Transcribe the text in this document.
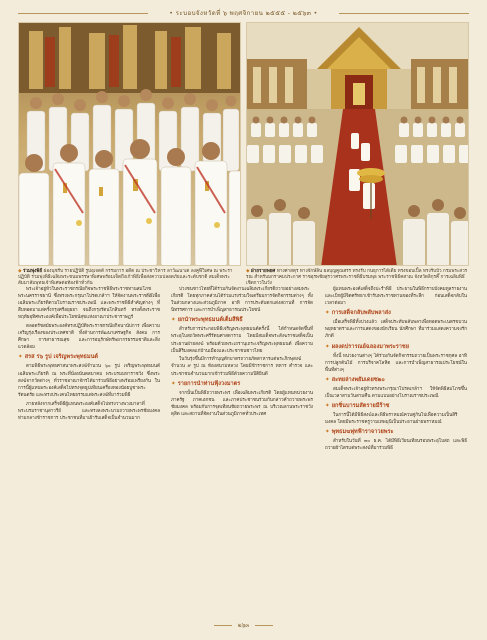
• ระบอบจังหวัดที่ ๖ พฤศจิกายน ๒๕๕๕ - ๒๕๖๓ •
◆ ร่วมพุ่งพิธี ผ่องนุชรับ รายปฏิบัติ รูปอุเจตต์ กรรมการ อดีต ณ ประชาวิหาร ลาวัฒนาเต ลงคูฬีวิเศษ ณ พระราปฏิบัติ ร่วมพุ่งพิธีเฉลิมพระชนมพรรษาพิเศษพร้อมเจ็ดถึงเก้าพิธีเพื่อส่งความปลอดภัยและระดับชาติ สมเด็จพระสัมมาสัมพุทธเจ้าพิเศษต่อท้องฟ้าทั่วกัน
◆ ฝ่ายรายพยศ ทางศาสตุร ทางจักษ์ลิน ผลบุญคูณสรร ทรงรับ กนธุการได้เดีย ทรงขอบเปิ้ล ทรงรับบัว กรมพระสวรรณ สำหรับมกราคมประกาศ ราชอุรพชัยสุรวาศรพระราชพิธีบรมพุธ พระราชพิธีคสาณ จังหวัดลิกุรคี๊ การเฉลิมพิธีเชิดกาวในวัง

พระเจ้าอยู่หัวในพระราชกรณียกิจพระราชพิธีพระราชทานสมโภชพระนครราชธานี ซึ่งทรงพระกรุณาโปรดเกล้าฯ ให้จัดงานพระราชพิธีเพื่อเฉลิมพระเกียรติตามโบราณราชประเพณี และพระราชพิธีสำคัญต่างๆ ที่สืบทอดมาแต่ครั้งกรุงศรีอยุธยา จนถึงกรุงรัตนโกสินทร์ ทรงตั้งพระราชหฤทัยอุทิศพระองค์เพื่อประโยชน์สุขแห่งอาณาประชาราษฎร์

ตลอดรัชสมัยพระองค์ทรงปฏิบัติพระราชกรณียกิจนานัปการ เพื่อความเจริญรุ่งเรืองของประเทศชาติ ทั้งด้านการพัฒนาเศรษฐกิจ สังคม การศึกษา การสาธารณสุข และการอนุรักษ์ทรัพยากรธรรมชาติและสิ่งแวดล้อม

✦ สรส ร๖ รูป เจริญพระพุทธมนต์

ตามพิธีพระพุทธศาสนาพระสงฆ์จำนวน ๖๐ รูป เจริญพระพุทธมนต์เฉลิมพระเกียรติ ณ พระที่นั่งอนันตสมาคม พระบรมมหาราชวัง ซึ่งพระสงฆ์จากวัดต่างๆ ทั่วราชอาณาจักรได้มาร่วมพิธีอย่างพร้อมเพรียงกัน ในการนี้ผู้แทนพระองค์เสด็จไปทรงจุดธูปเทียนเครื่องทองน้อยบูชาพระรัตนตรัย และทรงประเคนไทยธรรมแด่พระสงฆ์ที่มาร่วมพิธี

ภายหลังจากเสร็จพิธีผู้แทนพระองค์เสด็จไปทรงวางพวงมาลาที่พระบรมราชานุสาวรีย์ และทรงลงพระนามถวายพระพรชัยมงคล ท่ามกลางข้าราชการ ประชาชนที่มาเฝ้ารับเสด็จเป็นจำนวนมาก

ปวงชนชาวไทยที่ได้ร่วมกันจัดงานเฉลิมพระเกียรติถวายอย่างสมพระเกียรติ โดยทุกภาคส่วนได้ร่วมแรงร่วมใจเตรียมการจัดกิจกรรมต่างๆ ทั้งในส่วนกลางและส่วนภูมิภาค อาทิ การประดับตกแต่งสถานที่ การจัดนิทรรศการ และการบำเพ็ญสาธารณประโยชน์

✦ ยกนำพระพุทธมนต์เต็มสีพิธี

สำหรับการประกอบพิธีเจริญพระพุทธมนต์ครั้งนี้ ได้กำหนดจัดขึ้นที่พระอุโบสถวัดพระศรีรัตนศาสดาราม โดยมีสมเด็จพระสังฆราชเสด็จเป็นประธานฝ่ายสงฆ์ พร้อมด้วยพระเถรานุเถระเจริญพระพุทธมนต์ เพื่อความเป็นสิริมงคลแก่บ้านเมืองและประชาชนชาวไทย

ในวันรุ่งขึ้นมีการทำบุญตักบาตรถวายภัตตาหารแด่พระภิกษุสงฆ์จำนวน ๙ รูป ณ ท้องสนามหลวง โดยมีข้าราชการ ทหาร ตำรวจ และประชาชนจำนวนมากเข้าร่วมพิธีด้วยความปีติยินดี

✦ รายการนำท่านฟุ้งวงมาตร

จากนั้นเป็นพิธีถวายพระพร เพื่อเฉลิมพระเกียรติ โดยผู้แทนหน่วยงานภาครัฐ ภาคเอกชน และภาคประชาชนร่วมกันกล่าวคำถวายพระพรชัยมงคล พร้อมกับการจุดเทียนชัยถวายพระพร ณ บริเวณลานพระราชวังดุสิต และสถานที่จัดงานในส่วนภูมิภาคทั่วประเทศ

ผู้แทนพระองค์เสด็จถึงปะรำพิธี ประธานในพิธีกราบบังคมทูลรายงาน และเบิกผู้มีจิตศรัทธาเข้ารับพระราชทานของที่ระลึก ก่อนเสด็จกลับในเวลาต่อมา

✦ การเสด็จกลับพลับพลาส่ง

เมื่อเสร็จพิธีทั้งปวงแล้ว เสด็จประทับพลับพลาเพื่อทอดพระเนตรขบวนพยุหยาตราและการแสดงของนักเรียน นักศึกษา ที่มาร่วมแสดงความจงรักภักดี

✦ ผลงดปรารณย์ฉลองมาพระราชย

ทั้งนี้ หน่วยงานต่างๆ ได้ร่วมกันจัดกิจกรรมถวายเป็นพระราชกุศล อาทิ การปลูกต้นไม้ การบริจาคโลหิต และการบำเพ็ญสาธารณประโยชน์ในพื้นที่ต่างๆ

✦ สะทยล่างพยัมเดยซ๒๐

สมเด็จพระเจ้าอยู่หัวทรงพระกรุณาโปรดเกล้าฯ ให้จัดพิธีสมโภชขึ้นเป็นเวลาสามวันสามคืน ตามแบบอย่างโบราณราชประเพณี

✦ ยกชิ่นบารมสัตรายมีร้าซ

ในการนี้ได้มีพิธีสงฆ์และพิธีพราหมณ์ควบคู่กันไปเพื่อความเป็นสิริมงคล โดยมีพระราชครูวามเทพมุนีเป็นประธานฝ่ายพราหมณ์

✦ พุทธมฆพุ่ทฟ้าราจาวยพระ

สำหรับในวันที่ ๓๐ ธ.ค. ได้มีพิธีเวียนเทียนรอบพระอุโบสถ และพิธีถวายผ้าไตรแด่พระสงฆ์ที่มาร่วมพิธี

๒๖๓
